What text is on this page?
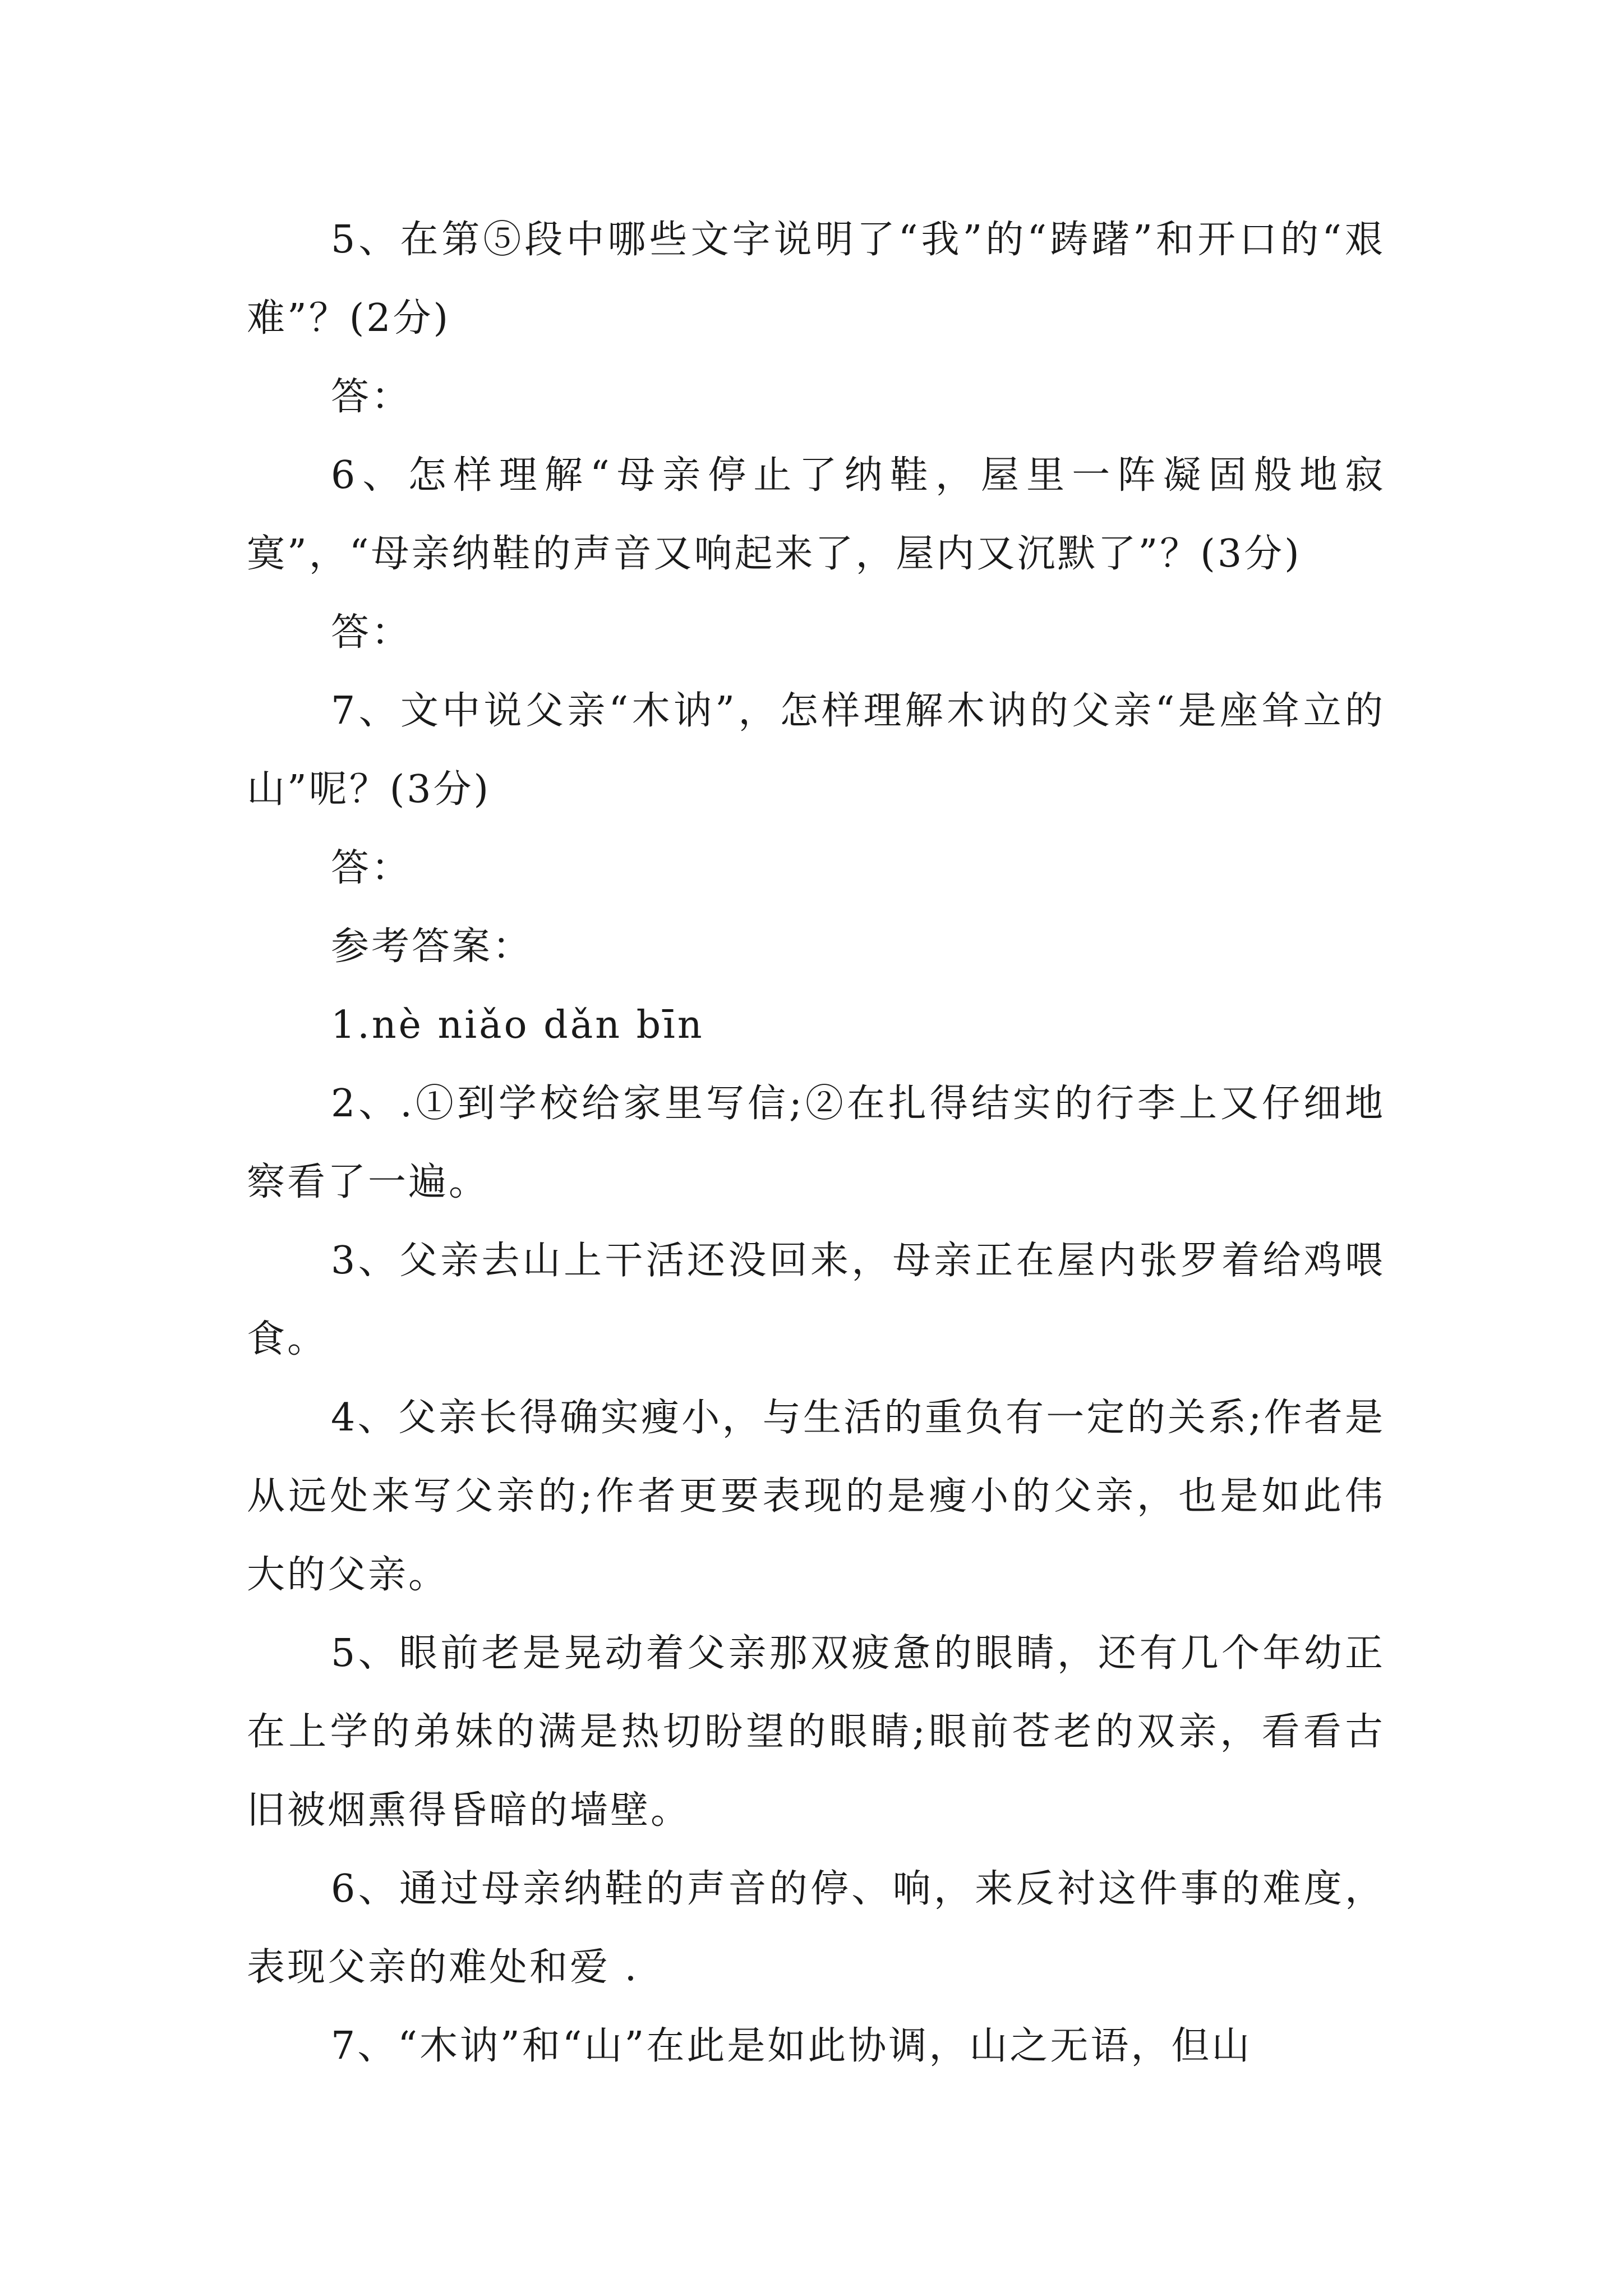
5、在第⑤段中哪些文字说明了“我”的“踌躇”和开口的“艰难”？(2分)

答：

6、怎样理解“母亲停止了纳鞋，屋里一阵凝固般地寂寞”，“母亲纳鞋的声音又响起来了，屋内又沉默了”？(3分)

答：

7、文中说父亲“木讷”，怎样理解木讷的父亲“是座耸立的山”呢？(3分)

答：

参考答案：

1.nè niǎo dǎn bīn

2、.①到学校给家里写信;②在扎得结实的行李上又仔细地察看了一遍。

3、父亲去山上干活还没回来，母亲正在屋内张罗着给鸡喂食。

4、父亲长得确实瘦小，与生活的重负有一定的关系;作者是从远处来写父亲的;作者更要表现的是瘦小的父亲，也是如此伟大的父亲。

5、眼前老是晃动着父亲那双疲惫的眼睛，还有几个年幼正在上学的弟妹的满是热切盼望的眼睛;眼前苍老的双亲，看看古旧被烟熏得昏暗的墙壁。

6、通过母亲纳鞋的声音的停、响，来反衬这件事的难度，表现父亲的难处和爱 .

7、“木讷”和“山”在此是如此协调，山之无语，但山
